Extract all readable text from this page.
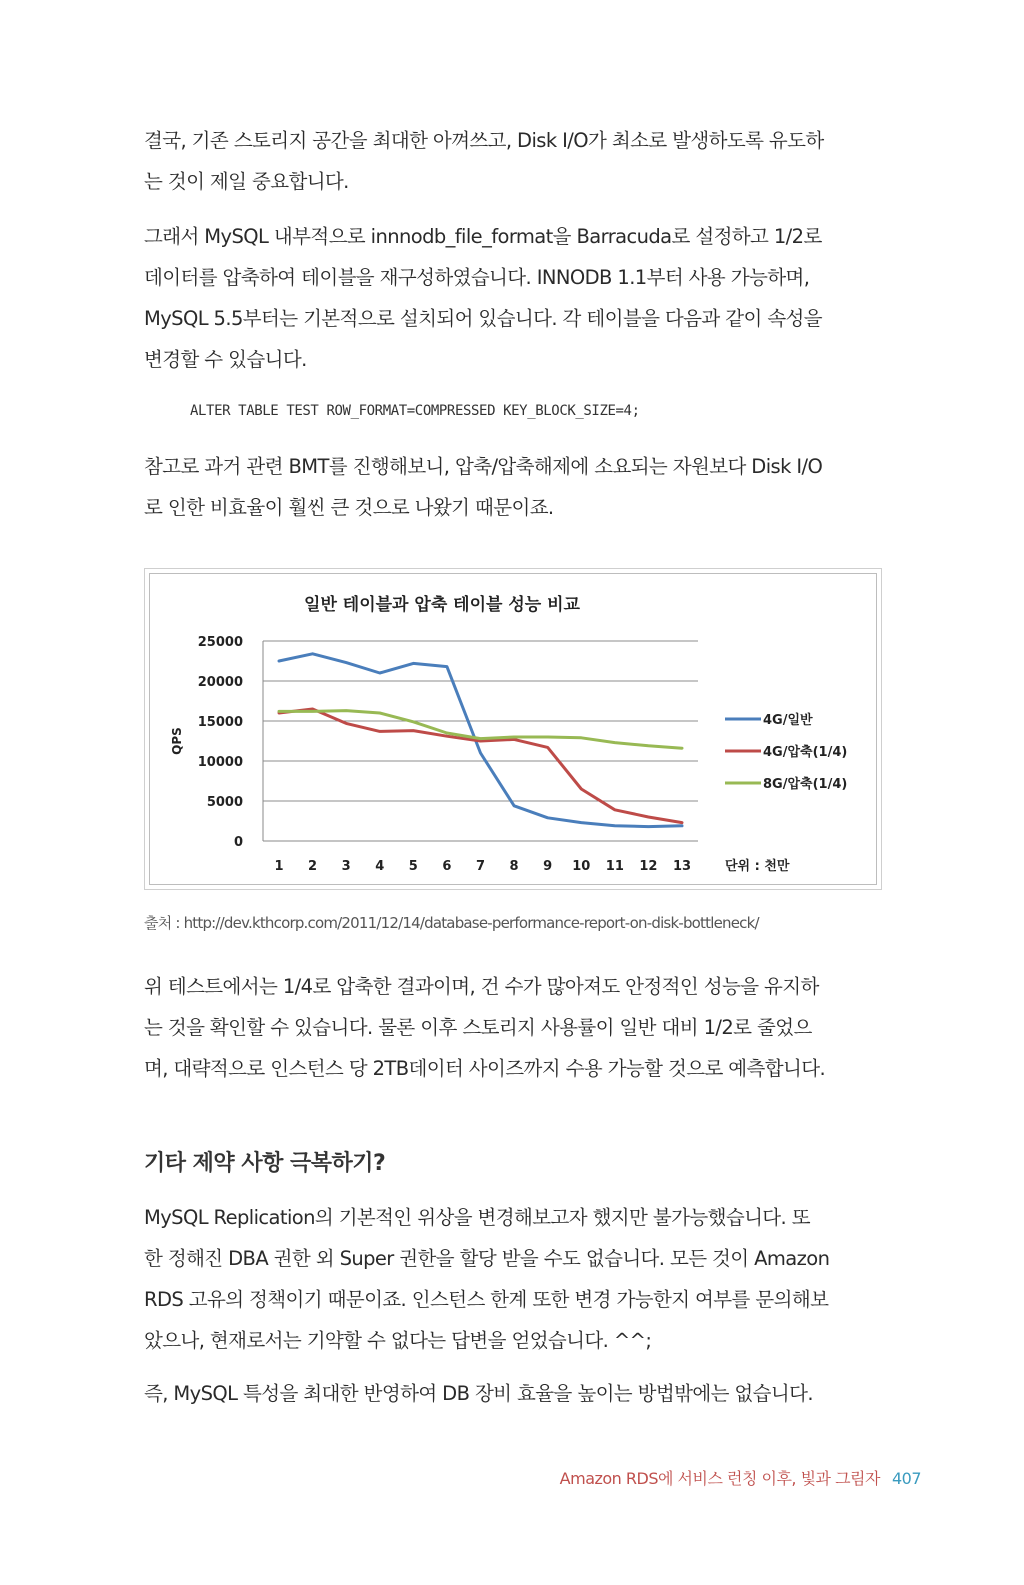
결국, 기존 스토리지 공간을 최대한 아껴쓰고, Disk I/O가 최소로 발생하도록 유도하
는 것이 제일 중요합니다.

그래서 MySQL 내부적으로 innnodb_file_format을 Barracuda로 설정하고 1/2로
데이터를 압축하여 테이블을 재구성하였습니다. INNODB 1.1부터 사용 가능하며,
MySQL 5.5부터는 기본적으로 설치되어 있습니다. 각 테이블을 다음과 같이 속성을
변경할 수 있습니다.

ALTER TABLE TEST ROW_FORMAT=COMPRESSED KEY_BLOCK_SIZE=4;

참고로 과거 관련 BMT를 진행해보니, 압축/압축해제에 소요되는 자원보다 Disk I/O
로 인한 비효율이 훨씬 큰 것으로 나왔기 때문이죠.

일반 테이블과 압축 테이블 성능 비교
0
5000
10000
15000
20000
25000
QPS
1 2 3 4 5 6 7 8 9 10 11 12 13	단위 : 천만
4G/일반
4G/압축(1/4)
8G/압축(1/4)

출처 : http://dev.kthcorp.com/2011/12/14/database-performance-report-on-disk-bottleneck/

위 테스트에서는 1/4로 압축한 결과이며, 건 수가 많아져도 안정적인 성능을 유지하
는 것을 확인할 수 있습니다. 물론 이후 스토리지 사용률이 일반 대비 1/2로 줄었으
며, 대략적으로 인스턴스 당 2TB데이터 사이즈까지 수용 가능할 것으로 예측합니다.

기타 제약 사항 극복하기?

MySQL Replication의 기본적인 위상을 변경해보고자 했지만 불가능했습니다. 또
한 정해진 DBA 권한 외 Super 권한을 할당 받을 수도 없습니다. 모든 것이 Amazon
RDS 고유의 정책이기 때문이죠. 인스턴스 한계 또한 변경 가능한지 여부를 문의해보
았으나, 현재로서는 기약할 수 없다는 답변을 얻었습니다. ^^;

즉, MySQL 특성을 최대한 반영하여 DB 장비 효율을 높이는 방법밖에는 없습니다.

Amazon RDS에 서비스 런칭 이후, 빛과 그림자 407
